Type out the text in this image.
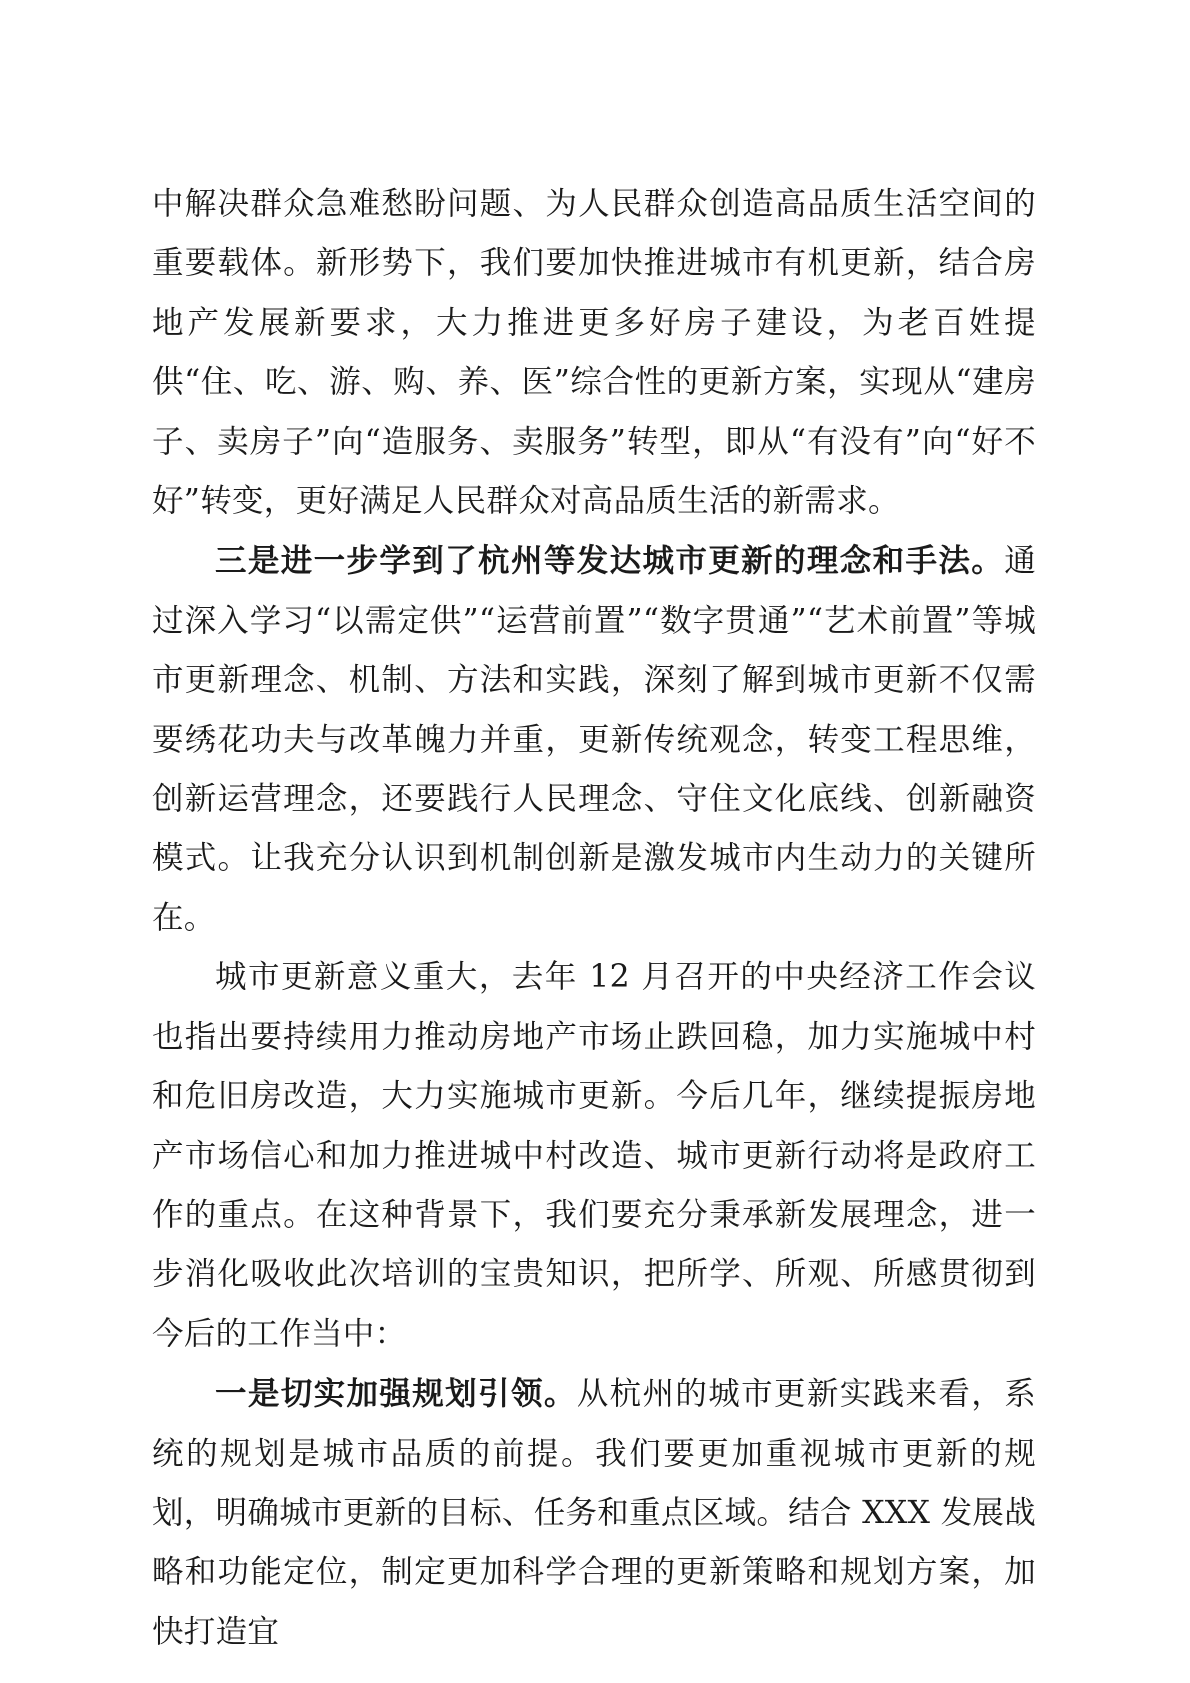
中解决群众急难愁盼问题、为人民群众创造高品质生活空间的重要载体。新形势下，我们要加快推进城市有机更新，结合房地产发展新要求，大力推进更多好房子建设，为老百姓提供“住、吃、游、购、养、医”综合性的更新方案，实现从“建房子、卖房子”向“造服务、卖服务”转型，即从“有没有”向“好不好”转变，更好满足人民群众对高品质生活的新需求。

三是进一步学到了杭州等发达城市更新的理念和手法。通过深入学习“以需定供”“运营前置”“数字贯通”“艺术前置”等城市更新理念、机制、方法和实践，深刻了解到城市更新不仅需要绣花功夫与改革魄力并重，更新传统观念，转变工程思维，创新运营理念，还要践行人民理念、守住文化底线、创新融资模式。让我充分认识到机制创新是激发城市内生动力的关键所在。

城市更新意义重大，去年 12 月召开的中央经济工作会议也指出要持续用力推动房地产市场止跌回稳，加力实施城中村和危旧房改造，大力实施城市更新。今后几年，继续提振房地产市场信心和加力推进城中村改造、城市更新行动将是政府工作的重点。在这种背景下，我们要充分秉承新发展理念，进一步消化吸收此次培训的宝贵知识，把所学、所观、所感贯彻到今后的工作当中：

一是切实加强规划引领。从杭州的城市更新实践来看，系统的规划是城市品质的前提。我们要更加重视城市更新的规划，明确城市更新的目标、任务和重点区域。结合 XXX 发展战略和功能定位，制定更加科学合理的更新策略和规划方案，加快打造宜
